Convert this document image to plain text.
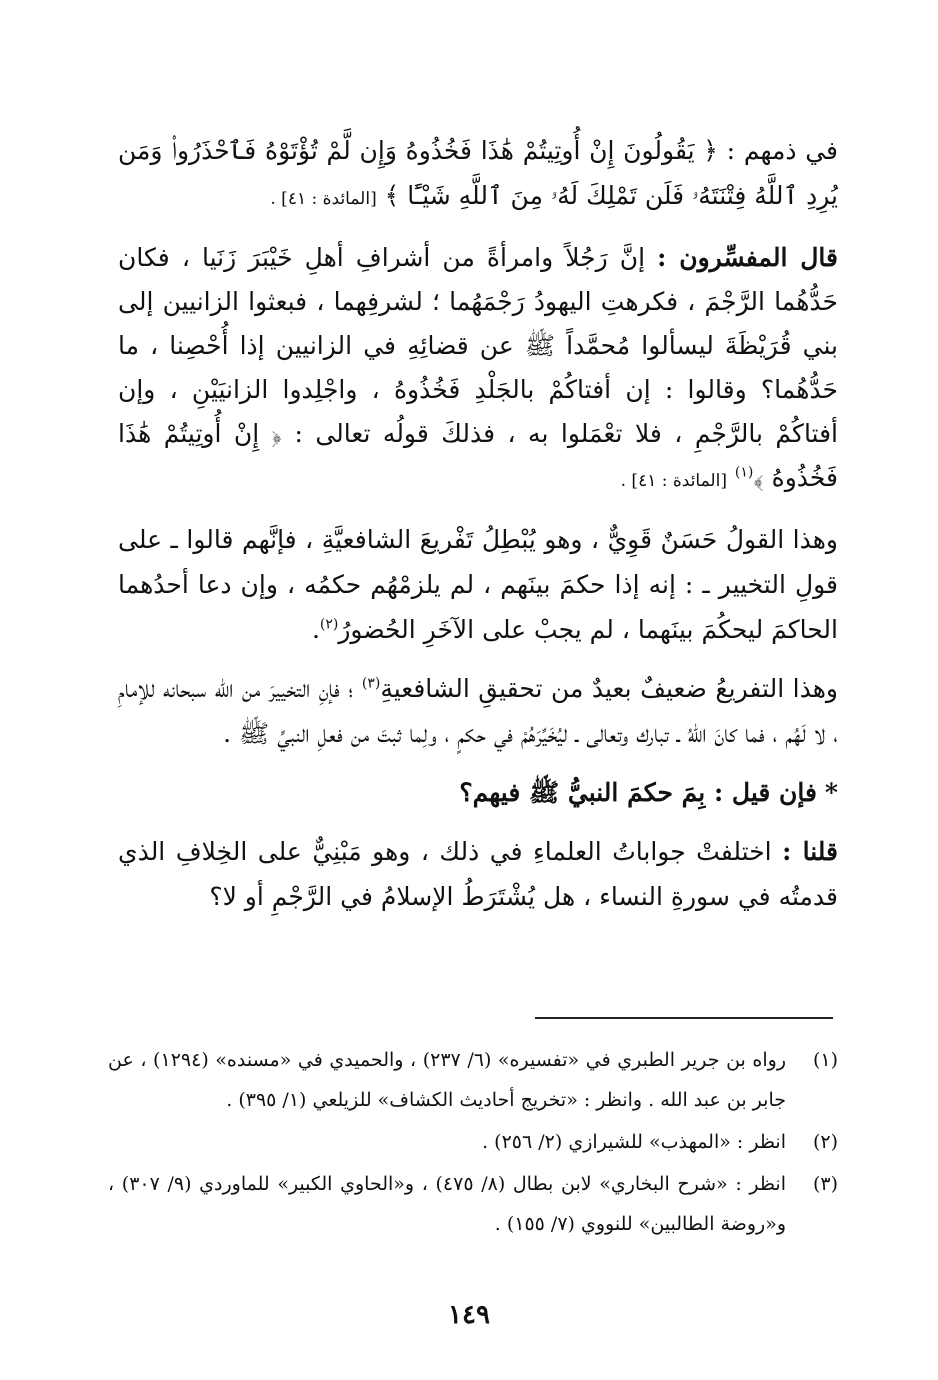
في ذمهم : ﴿ يَقُولُونَ إِنْ أُوتِيتُمْ هَٰذَا فَخُذُوهُ وَإِن لَّمْ تُؤْتَوْهُ فَٱحْذَرُوا۟ وَمَن يُرِدِ ٱللَّهُ فِتْنَتَهُۥ فَلَن تَمْلِكَ لَهُۥ مِنَ ٱللَّهِ شَيْـًٔا ﴾ [المائدة : ٤١] .

قال المفسِّرون : إنَّ رَجُلاً وامرأةً من أشرافِ أهلِ خَيْبَرَ زَنَيا ، فكان حَدُّهُما الرَّجْمَ ، فكرهتِ اليهودُ رَجْمَهُما ؛ لشرفِهما ، فبعثوا الزانيين إلى بني قُرَيْظَةَ ليسألوا مُحمَّداً ﷺ عن قضائِهِ في الزانيين إذا أُحْصِنا ، ما حَدُّهُما؟ وقالوا : إن أفتاكُمْ بالجَلْدِ فَخُذُوهُ ، واجْلِدوا الزانيَيْنِ ، وإن أفتاكُمْ بالرَّجْمِ ، فلا تعْمَلوا به ، فذلكَ قولُه تعالى : ﴿ إِنْ أُوتِيتُمْ هَٰذَا فَخُذُوهُ ﴾$^{(١)}$ [المائدة : ٤١] .

وهذا القولُ حَسَنٌ قَوِيٌّ ، وهو يُبْطِلُ تَفْريعَ الشافعيَّةِ ، فإنَّهم قالوا ـ على قولِ التخيير ـ : إنه إذا حكمَ بينَهم ، لم يلزمْهُم حكمُه ، وإن دعا أحدُهما الحاكمَ ليحكُمَ بينَهما ، لم يجبْ على الآخَرِ الحُضورُ$^{(٢)}$.

وهذا التفريعُ ضعيفٌ بعيدٌ من تحقيقِ الشافعيةِ$^{(٣)}$ ؛ فإنِ التخييرَ من الله سبحانه للإمامِ ، لا لَهُم ، فما كانَ اللهُ ـ تبارك وتعالى ـ ليُخَيِّرَهُمْ في حكمٍ ، ولِما ثبتَ من فعلِ النبيِّ ﷺ .

* فإن قيل : بِمَ حكمَ النبيُّ ﷺ فيهم؟

قلنا : اختلفتْ جواباتُ العلماءِ في ذلك ، وهو مَبْنِيٌّ على الخِلافِ الذي قدمتُه في سورةِ النساء ، هل يُشْتَرَطُ الإسلامُ في الرَّجْمِ أو لا؟

(١)
رواه بن جرير الطبري في «تفسيره» (٦/ ٢٣٧) ، والحميدي في «مسنده» (١٢٩٤) ، عن جابر بن عبد الله . وانظر : «تخريج أحاديث الكشاف» للزيلعي (١/ ٣٩٥) .
(٢)
انظر : «المهذب» للشيرازي (٢/ ٢٥٦) .
(٣)
انظر : «شرح البخاري» لابن بطال (٨/ ٤٧٥) ، و«الحاوي الكبير» للماوردي (٩/ ٣٠٧) ، و«روضة الطالبين» للنووي (٧/ ١٥٥) .
١٤٩
